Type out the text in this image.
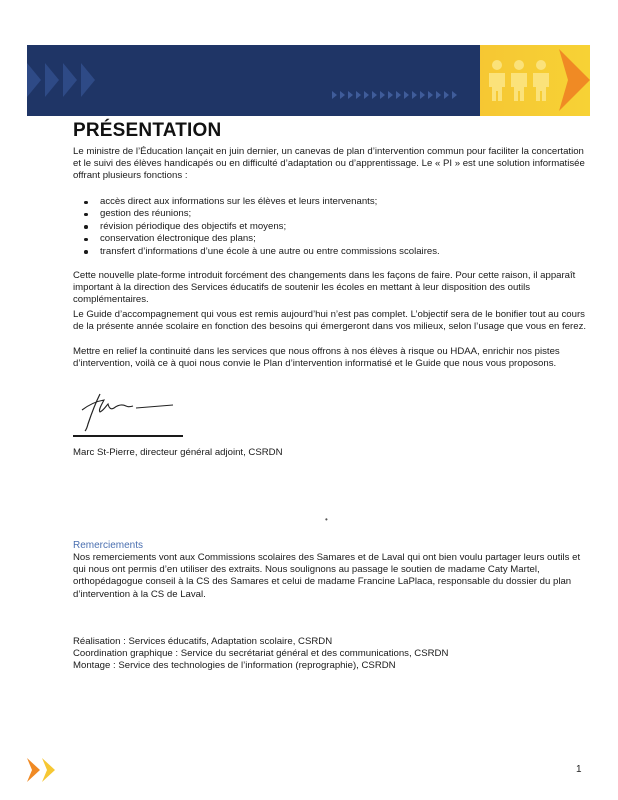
PRÉSENTATION

Le ministre de l’Éducation lançait en juin dernier, un canevas de plan d’intervention commun pour faciliter la concertation et le suivi des élèves handicapés ou en difficulté d’adaptation ou d’apprentissage. Le « PI » est une solution informatisée offrant plusieurs fonctions :

accès direct aux informations sur les élèves et leurs intervenants;
gestion des réunions;
révision périodique des objectifs et moyens;
conservation électronique des plans;
transfert d’informations d’une école à une autre ou entre commissions scolaires.

Cette nouvelle plate-forme introduit forcément des changements dans les façons de faire. Pour cette raison, il apparaît important à la direction des Services éducatifs de soutenir les écoles en mettant à leur disposition des outils complémentaires.

Le Guide d’accompagnement qui vous est remis aujourd’hui n’est pas complet. L’objectif sera de le bonifier tout au cours de la présente année scolaire en fonction des besoins qui émergeront dans vos milieux, selon l’usage que vous en ferez.

Mettre en relief la continuité dans les services que nous offrons à nos élèves à risque ou HDAA, enrichir nos pistes d’intervention, voilà ce à quoi nous convie le Plan d’intervention informatisé et le Guide que nous vous proposons.

Marc St-Pierre, directeur général adjoint, CSRDN
•
Remerciements

Nos remerciements vont aux Commissions scolaires des Samares et de Laval qui ont bien voulu partager leurs outils et qui nous ont permis d’en utiliser des extraits. Nous soulignons au passage le soutien de madame Caty Martel, orthopédagogue conseil à la CS des Samares et celui de madame Francine LaPlaca, responsable du dossier du plan d’intervention à la CS de Laval.

Réalisation : Services éducatifs, Adaptation scolaire, CSRDN
Coordination graphique : Service du secrétariat général et des communications, CSRDN
Montage : Service des technologies de l’information (reprographie), CSRDN
1
